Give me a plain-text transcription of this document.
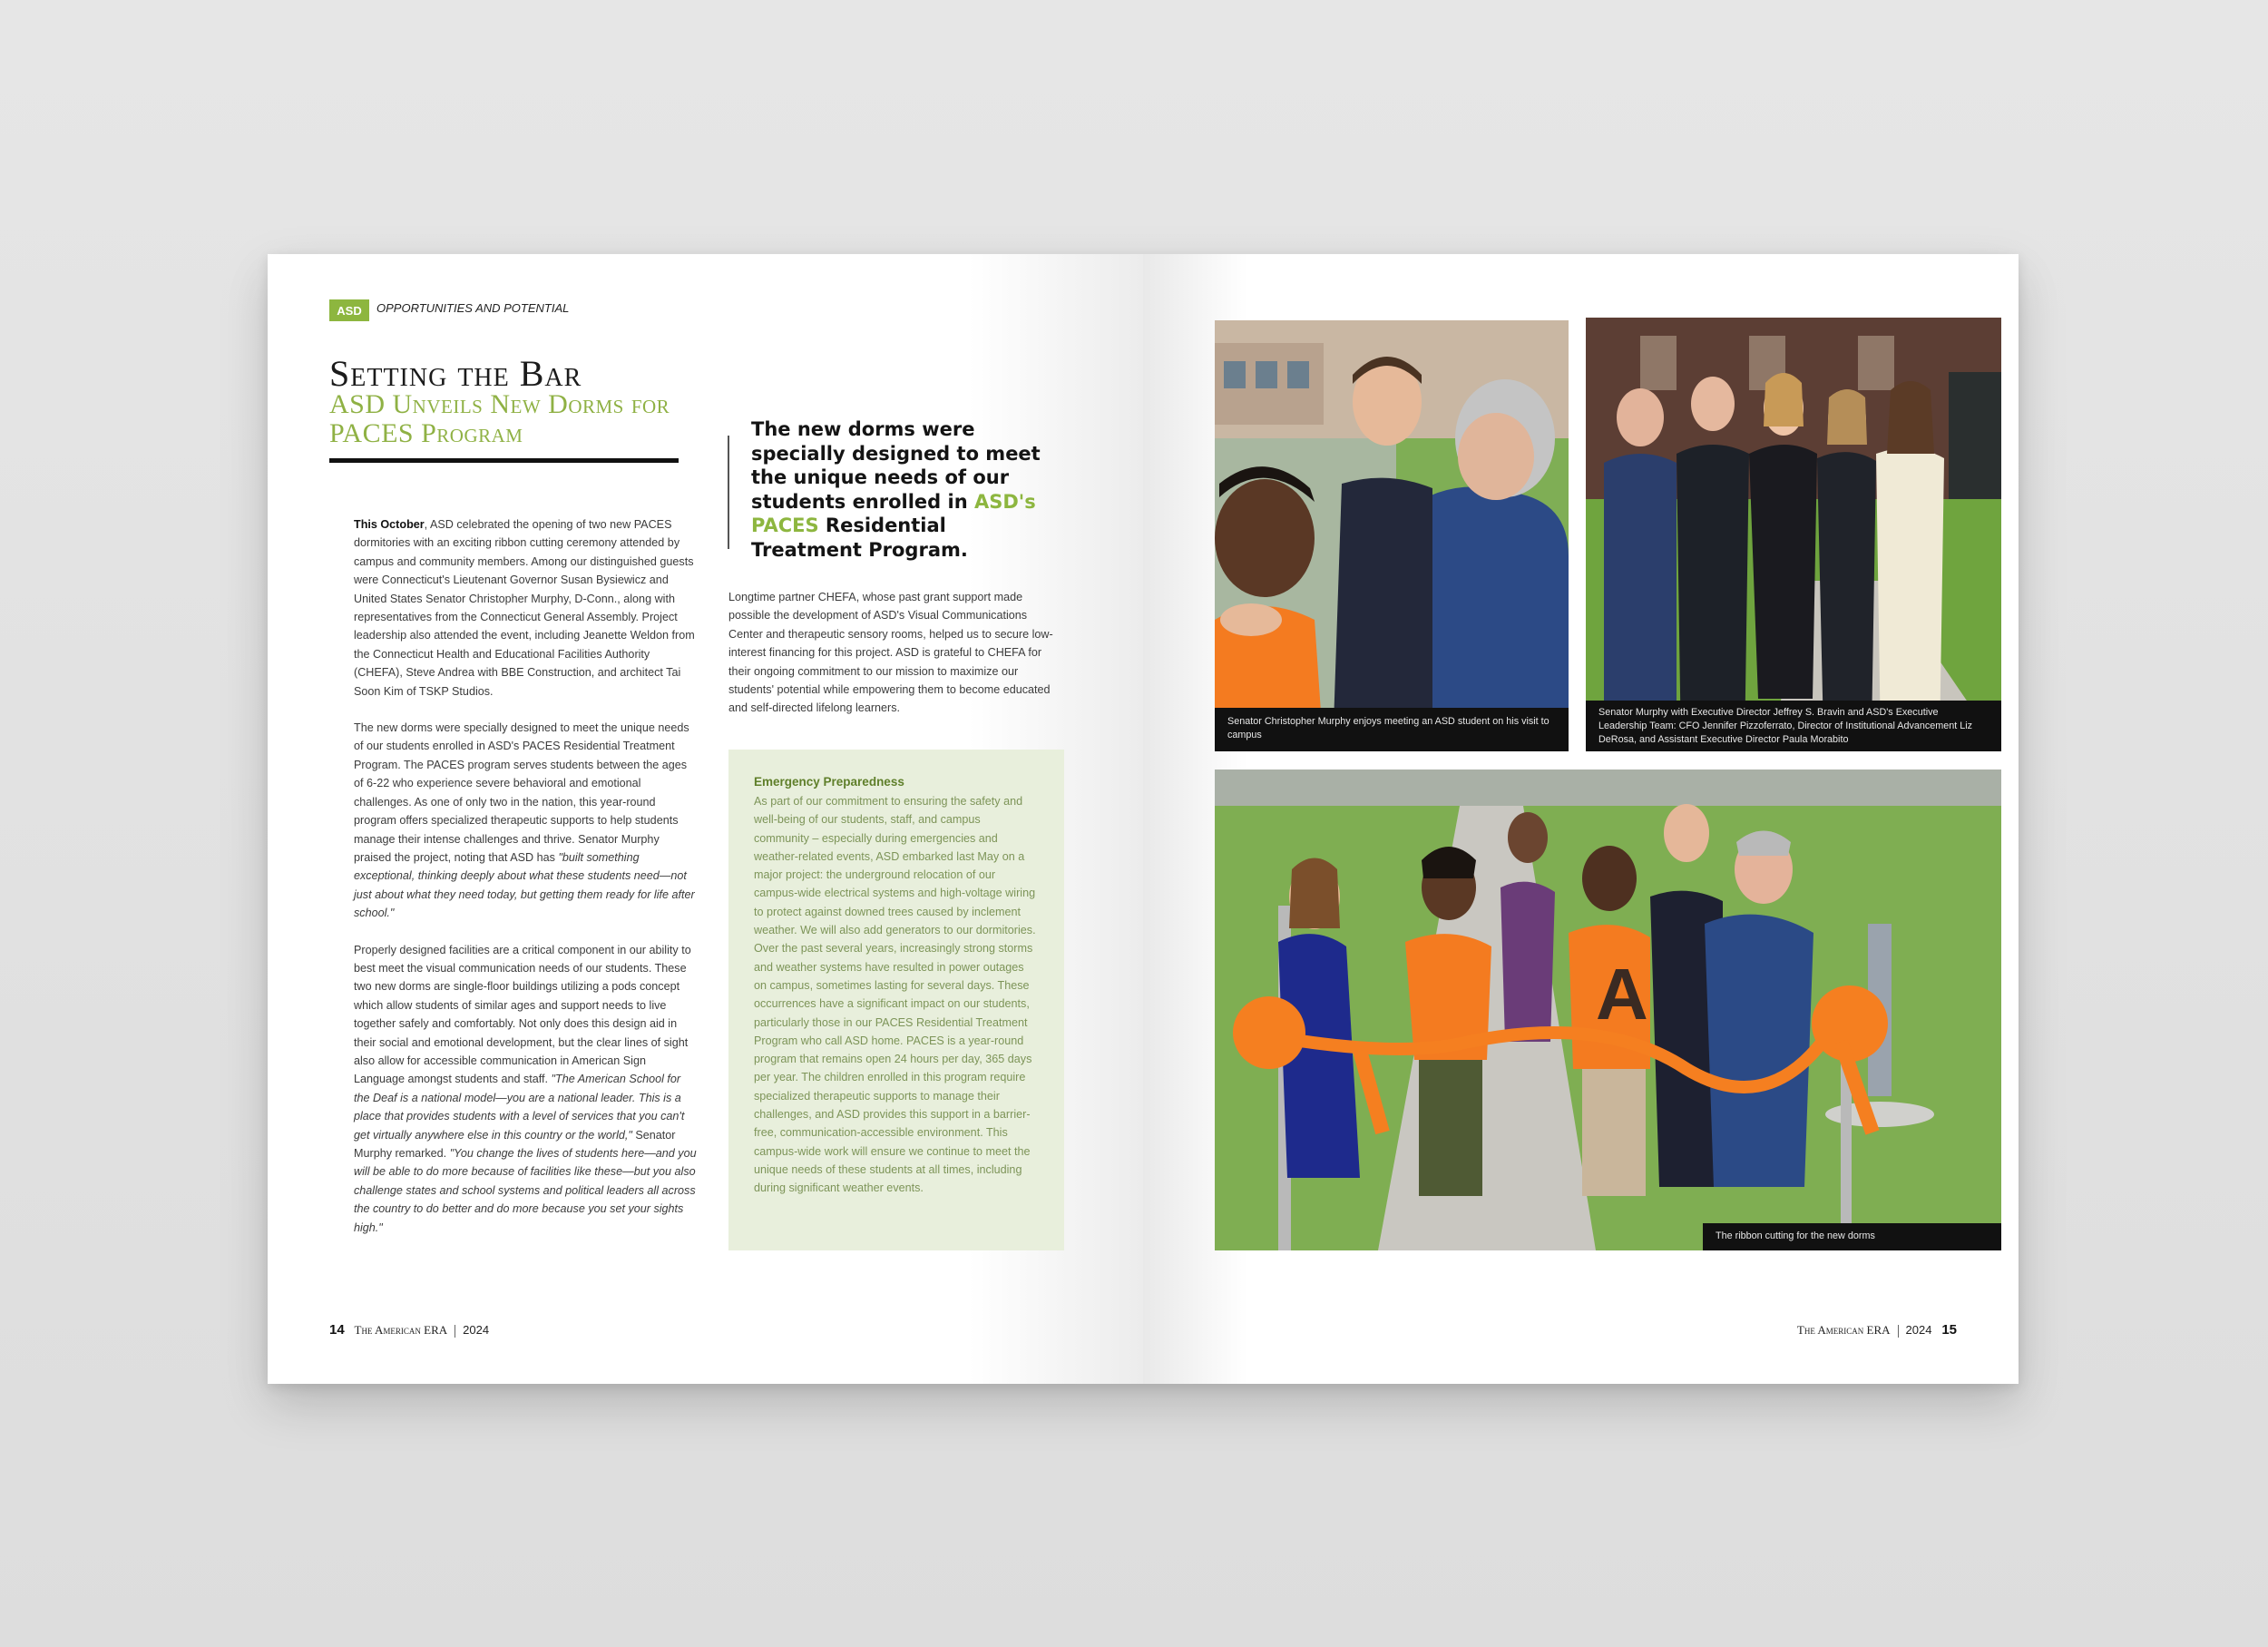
ASD	OPPORTUNITIES AND POTENTIAL
Setting the Bar
ASD Unveils New Dorms for PACES Program

This October, ASD celebrated the opening of two new PACES dormitories with an exciting ribbon cutting ceremony attended by campus and community members. Among our distinguished guests were Connecticut's Lieutenant Governor Susan Bysiewicz and United States Senator Christopher Murphy, D-Conn., along with representatives from the Connecticut General Assembly. Project leadership also attended the event, including Jeanette Weldon from the Connecticut Health and Educational Facilities Authority (CHEFA), Steve Andrea with BBE Construction, and architect Tai Soon Kim of TSKP Studios.

The new dorms were specially designed to meet the unique needs of our students enrolled in ASD's PACES Residential Treatment Program. The PACES program serves students between the ages of 6-22 who experience severe behavioral and emotional challenges. As one of only two in the nation, this year-round program offers specialized therapeutic supports to help students manage their intense challenges and thrive. Senator Murphy praised the project, noting that ASD has "built something exceptional, thinking deeply about what these students need—not just about what they need today, but getting them ready for life after school."

Properly designed facilities are a critical component in our ability to best meet the visual communication needs of our students. These two new dorms are single-floor buildings utilizing a pods concept which allow students of similar ages and support needs to live together safely and comfortably. Not only does this design aid in their social and emotional development, but the clear lines of sight also allow for accessible communication in American Sign Language amongst students and staff. "The American School for the Deaf is a national model—you are a national leader. This is a place that provides students with a level of services that you can't get virtually anywhere else in this country or the world," Senator Murphy remarked. "You change the lives of students here—and you will be able to do more because of facilities like these—but you also challenge states and school systems and political leaders all across the country to do better and do more because you set your sights high."

The new dorms were specially designed to meet the unique needs of our students enrolled in ASD's PACES Residential Treatment Program.
Longtime partner CHEFA, whose past grant support made possible the development of ASD's Visual Communications Center and therapeutic sensory rooms, helped us to secure low-interest financing for this project. ASD is grateful to CHEFA for their ongoing commitment to our mission to maximize our students' potential while empowering them to become educated and self-directed lifelong learners.
Emergency Preparedness

As part of our commitment to ensuring the safety and well-being of our students, staff, and campus community – especially during emergencies and weather-related events, ASD embarked last May on a major project: the underground relocation of our campus-wide electrical systems and high-voltage wiring to protect against downed trees caused by inclement weather. We will also add generators to our dormitories. Over the past several years, increasingly strong storms and weather systems have resulted in power outages on campus, sometimes lasting for several days. These occurrences have a significant impact on our students, particularly those in our PACES Residential Treatment Program who call ASD home. PACES is a year-round program that remains open 24 hours per day, 365 days per year. The children enrolled in this program require specialized therapeutic supports to manage their challenges, and ASD provides this support in a barrier-free, communication-accessible environment. This campus-wide work will ensure we continue to meet the unique needs of these students at all times, including during significant weather events.

14 The American ERA 2024
Senator Christopher Murphy enjoys meeting an ASD student on his visit to campus
Senator Murphy with Executive Director Jeffrey S. Bravin and ASD's Executive Leadership Team: CFO Jennifer Pizzoferrato, Director of Institutional Advancement Liz DeRosa, and Assistant Executive Director Paula Morabito
A
The ribbon cutting for the new dorms
The American ERA 2024 15
